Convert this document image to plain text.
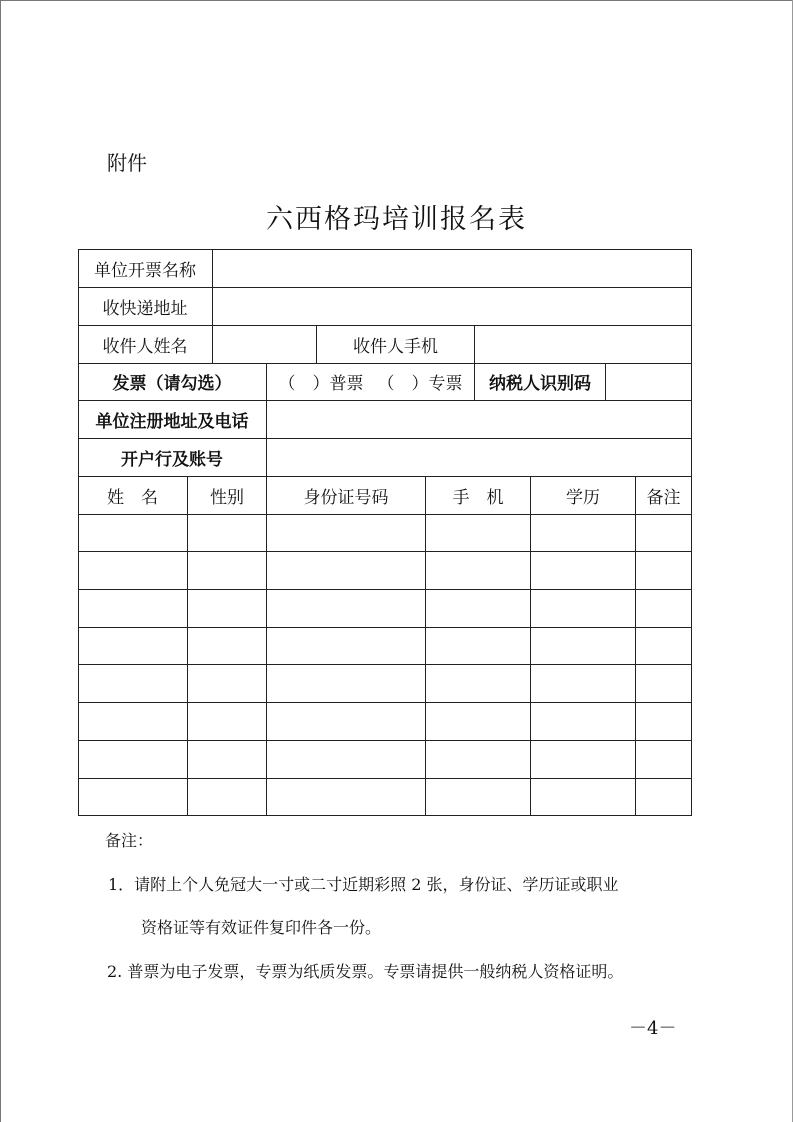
附件
六西格玛培训报名表
单位开票名称
收快递地址
收件人姓名	收件人手机
发票（请勾选）	（　）普票 （　）专票	纳税人识别码
单位注册地址及电话
开户行及账号
姓　名	性别	身份证号码	手　机	学历	备注
备注：
1．请附上个人免冠大一寸或二寸近期彩照 2 张，身份证、学历证或职业
资格证等有效证件复印件各一份。
2. 普票为电子发票，专票为纸质发票。专票请提供一般纳税人资格证明。
－4－
